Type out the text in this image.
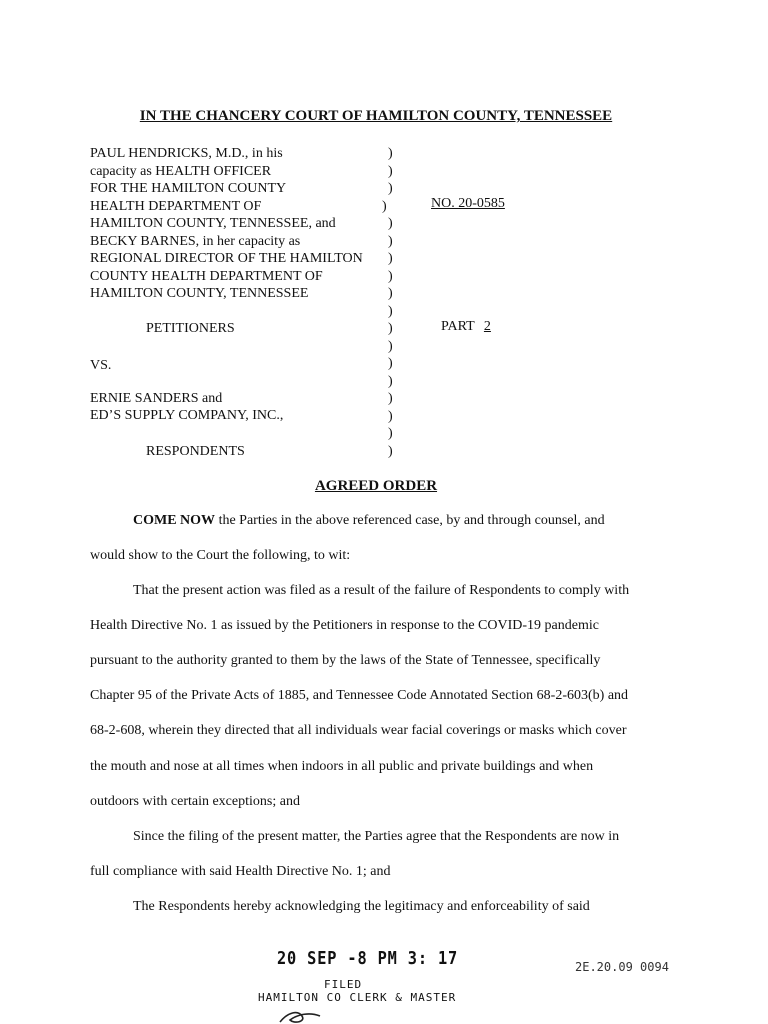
IN THE CHANCERY COURT OF HAMILTON COUNTY, TENNESSEE
PAUL HENDRICKS, M.D., in his
capacity as HEALTH OFFICER
FOR THE HAMILTON COUNTY
HEALTH DEPARTMENT OF
HAMILTON COUNTY, TENNESSEE, and
BECKY BARNES, in her capacity as
REGIONAL DIRECTOR OF THE HAMILTON
COUNTY HEALTH DEPARTMENT OF
HAMILTON COUNTY, TENNESSEE
PETITIONERS
VS.
ERNIE SANDERS and
ED’S SUPPLY COMPANY, INC.,
RESPONDENTS
)
)
)
)
)
)
)
)
)
)
)
)
)
)
)
)
)
)
NO. 20-0585
PART 2
AGREED ORDER
COME NOW the Parties in the above referenced case, by and through counsel, and
would show to the Court the following, to wit:
That the present action was filed as a result of the failure of Respondents to comply with
Health Directive No. 1 as issued by the Petitioners in response to the COVID-19 pandemic
pursuant to the authority granted to them by the laws of the State of Tennessee, specifically
Chapter 95 of the Private Acts of 1885, and Tennessee Code Annotated Section 68-2-603(b) and
68-2-608, wherein they directed that all individuals wear facial coverings or masks which cover
the mouth and nose at all times when indoors in all public and private buildings and when
outdoors with certain exceptions; and
Since the filing of the present matter, the Parties agree that the Respondents are now in
full compliance with said Health Directive No. 1; and
The Respondents hereby acknowledging the legitimacy and enforceability of said
20 SEP -8 PM 3: 17
FILED
HAMILTON CO CLERK & MASTER
2E.20.09 0094
